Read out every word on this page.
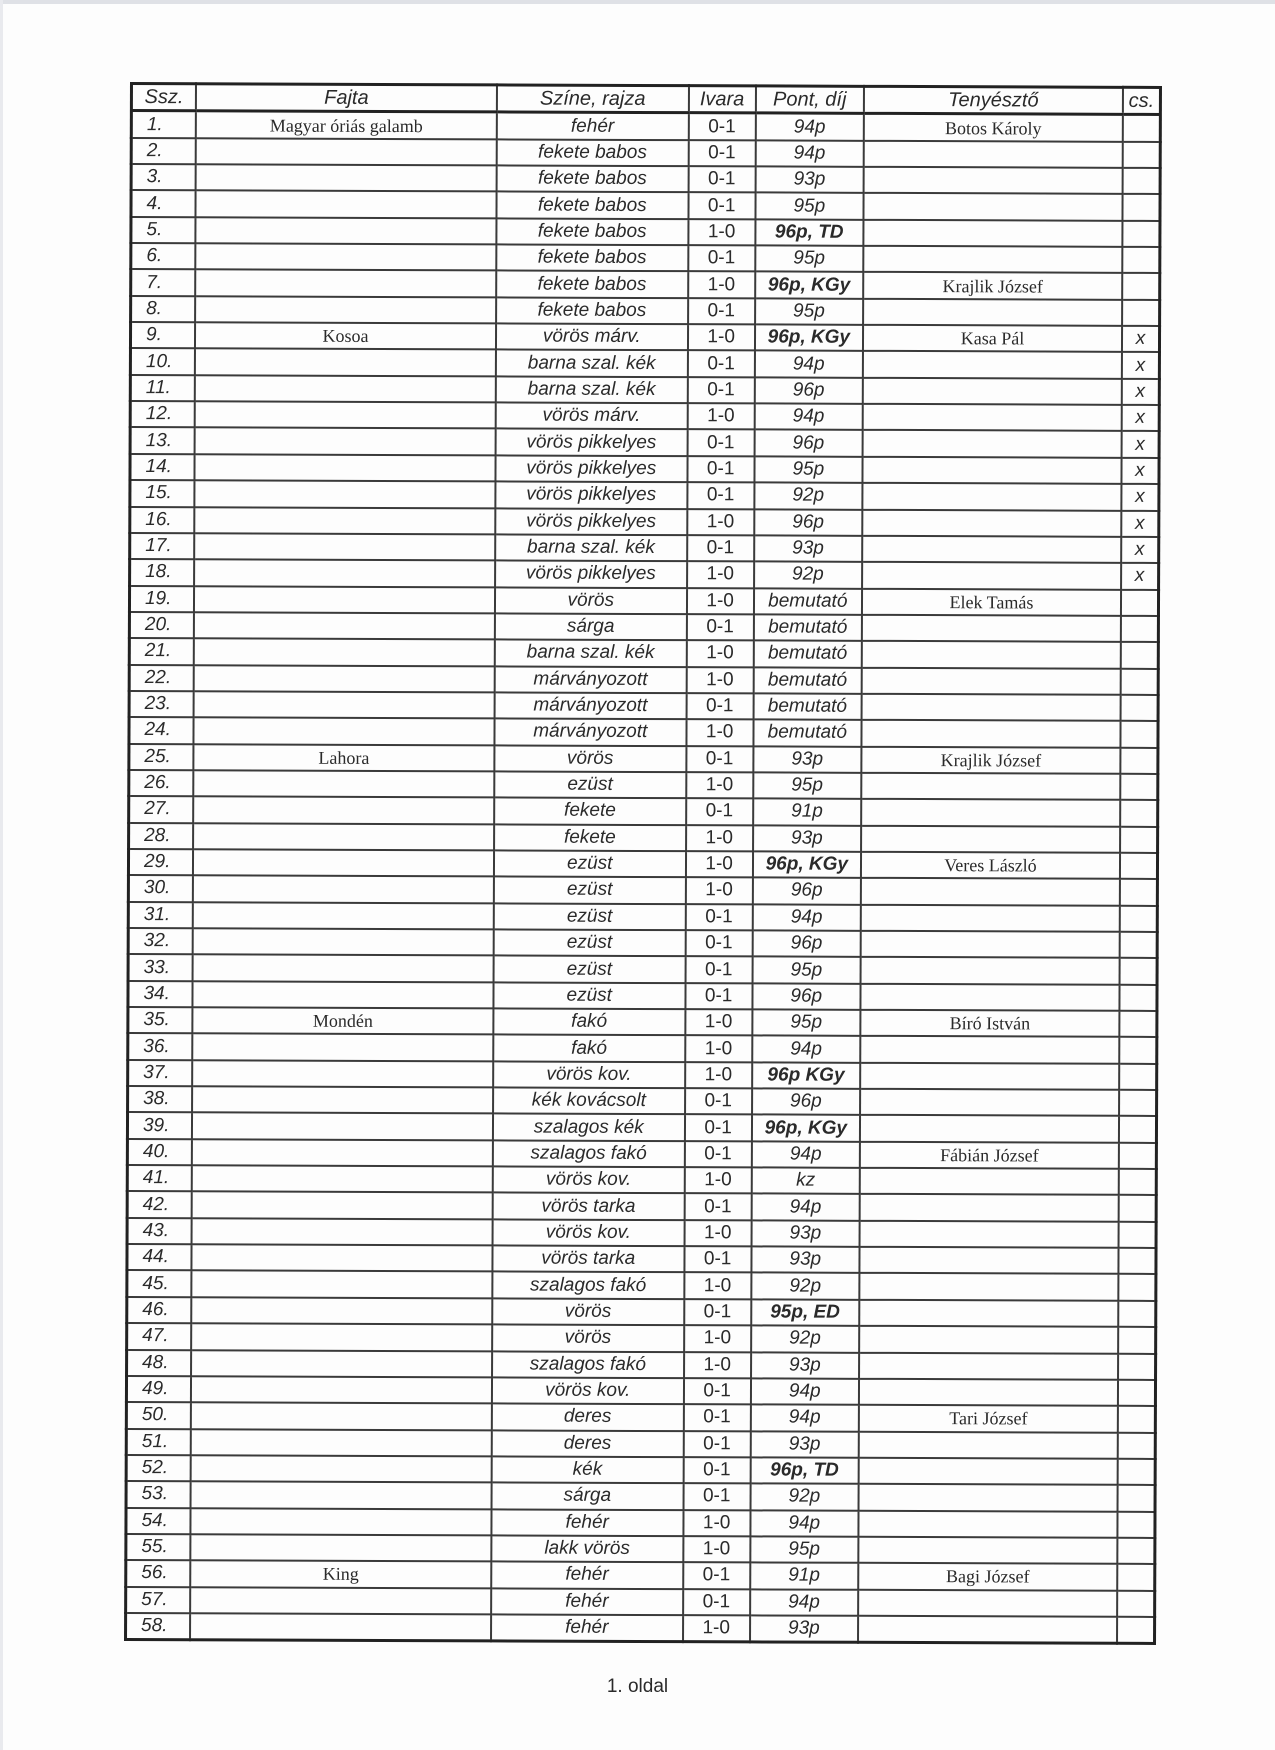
Ssz.	Fajta	Színe, rajza	Ivara	Pont, díj	Tenyésztő	cs.
1.	Magyar óriás galamb	fehér	0-1	94p	Botos Károly	
2.		fekete babos	0-1	94p		
3.		fekete babos	0-1	93p		
4.		fekete babos	0-1	95p		
5.		fekete babos	1-0	96p, TD		
6.		fekete babos	0-1	95p		
7.		fekete babos	1-0	96p, KGy	Krajlik József	
8.		fekete babos	0-1	95p		
9.	Kosoa	vörös márv.	1-0	96p, KGy	Kasa Pál	x
10.		barna szal. kék	0-1	94p		x
11.		barna szal. kék	0-1	96p		x
12.		vörös márv.	1-0	94p		x
13.		vörös pikkelyes	0-1	96p		x
14.		vörös pikkelyes	0-1	95p		x
15.		vörös pikkelyes	0-1	92p		x
16.		vörös pikkelyes	1-0	96p		x
17.		barna szal. kék	0-1	93p		x
18.		vörös pikkelyes	1-0	92p		x
19.		vörös	1-0	bemutató	Elek Tamás	
20.		sárga	0-1	bemutató		
21.		barna szal. kék	1-0	bemutató		
22.		márványozott	1-0	bemutató		
23.		márványozott	0-1	bemutató		
24.		márványozott	1-0	bemutató		
25.	Lahora	vörös	0-1	93p	Krajlik József	
26.		ezüst	1-0	95p		
27.		fekete	0-1	91p		
28.		fekete	1-0	93p		
29.		ezüst	1-0	96p, KGy	Veres László	
30.		ezüst	1-0	96p		
31.		ezüst	0-1	94p		
32.		ezüst	0-1	96p		
33.		ezüst	0-1	95p		
34.		ezüst	0-1	96p		
35.	Mondén	fakó	1-0	95p	Bíró István	
36.		fakó	1-0	94p		
37.		vörös kov.	1-0	96p KGy		
38.		kék kovácsolt	0-1	96p		
39.		szalagos kék	0-1	96p, KGy		
40.		szalagos fakó	0-1	94p	Fábián József	
41.		vörös kov.	1-0	kz		
42.		vörös tarka	0-1	94p		
43.		vörös kov.	1-0	93p		
44.		vörös tarka	0-1	93p		
45.		szalagos fakó	1-0	92p		
46.		vörös	0-1	95p, ED		
47.		vörös	1-0	92p		
48.		szalagos fakó	1-0	93p		
49.		vörös kov.	0-1	94p		
50.		deres	0-1	94p	Tari József	
51.		deres	0-1	93p		
52.		kék	0-1	96p, TD		
53.		sárga	0-1	92p		
54.		fehér	1-0	94p		
55.		lakk vörös	1-0	95p		
56.	King	fehér	0-1	91p	Bagi József	
57.		fehér	0-1	94p		
58.		fehér	1-0	93p		
1. oldal
